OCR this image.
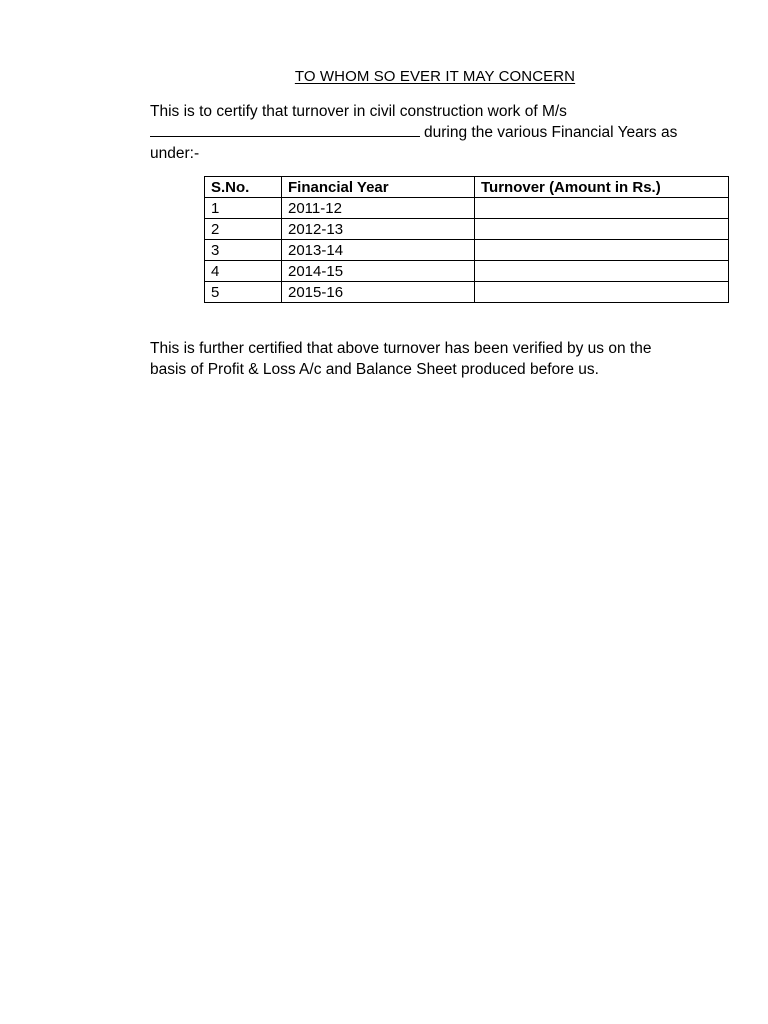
TO WHOM SO EVER IT MAY CONCERN
This is to certify that turnover in civil construction work of M/s
during the various Financial Years as
under:-
S.No.	Financial Year	Turnover (Amount in Rs.)
1	2011-12	
2	2012-13	
3	2013-14	
4	2014-15	
5	2015-16	
This is further certified that above turnover has been verified by us on the
basis of Profit & Loss A/c and Balance Sheet produced before us.
